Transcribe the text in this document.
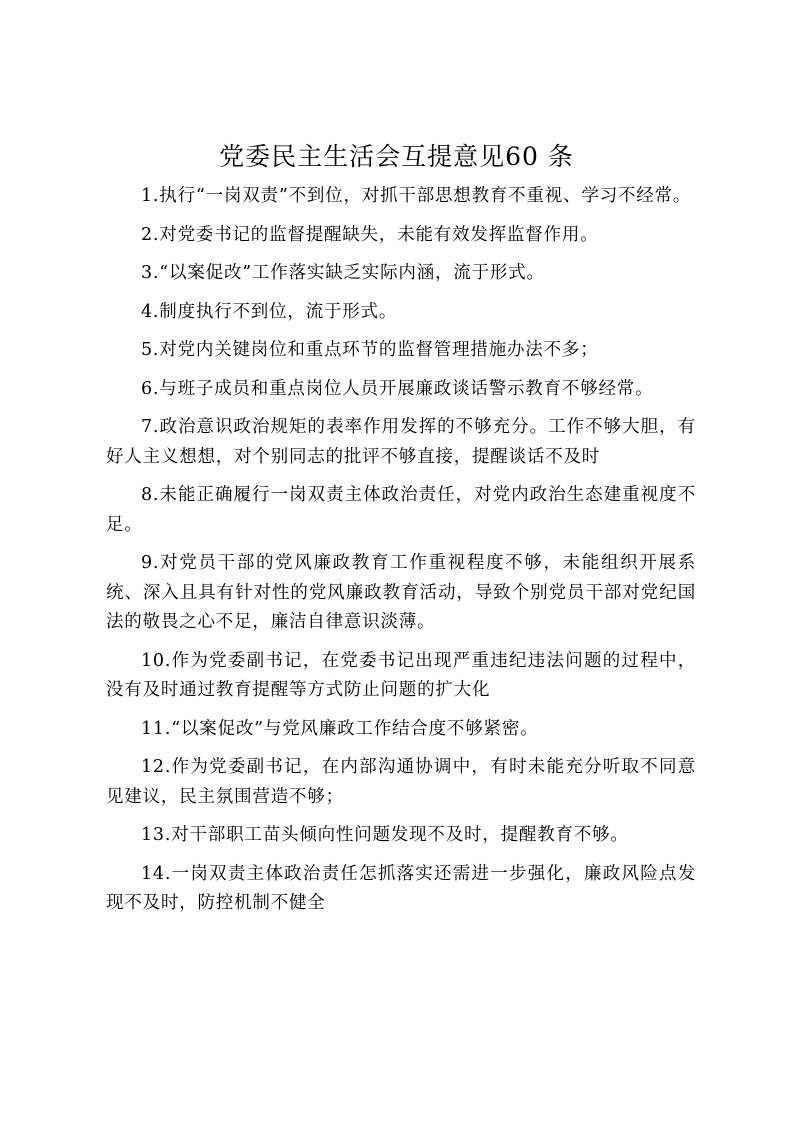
党委民主生活会互提意见60 条

1.执行“一岗双责”不到位，对抓干部思想教育不重视、学习不经常。

2.对党委书记的监督提醒缺失，未能有效发挥监督作用。

3.“以案促改”工作落实缺乏实际内涵，流于形式。

4.制度执行不到位，流于形式。

5.对党内关键岗位和重点环节的监督管理措施办法不多；

6.与班子成员和重点岗位人员开展廉政谈话警示教育不够经常。

7.政治意识政治规矩的表率作用发挥的不够充分。工作不够大胆，有好人主义想想，对个别同志的批评不够直接，提醒谈话不及时

8.未能正确履行一岗双责主体政治责任，对党内政治生态建重视度不足。

9.对党员干部的党风廉政教育工作重视程度不够，未能组织开展系统、深入且具有针对性的党风廉政教育活动，导致个别党员干部对党纪国法的敬畏之心不足，廉洁自律意识淡薄。

10.作为党委副书记，在党委书记出现严重违纪违法问题的过程中，没有及时通过教育提醒等方式防止问题的扩大化

11.“以案促改”与党风廉政工作结合度不够紧密。

12.作为党委副书记，在内部沟通协调中，有时未能充分听取不同意见建议，民主氛围营造不够；

13.对干部职工苗头倾向性问题发现不及时，提醒教育不够。

14.一岗双责主体政治责任怎抓落实还需进一步强化，廉政风险点发现不及时，防控机制不健全
